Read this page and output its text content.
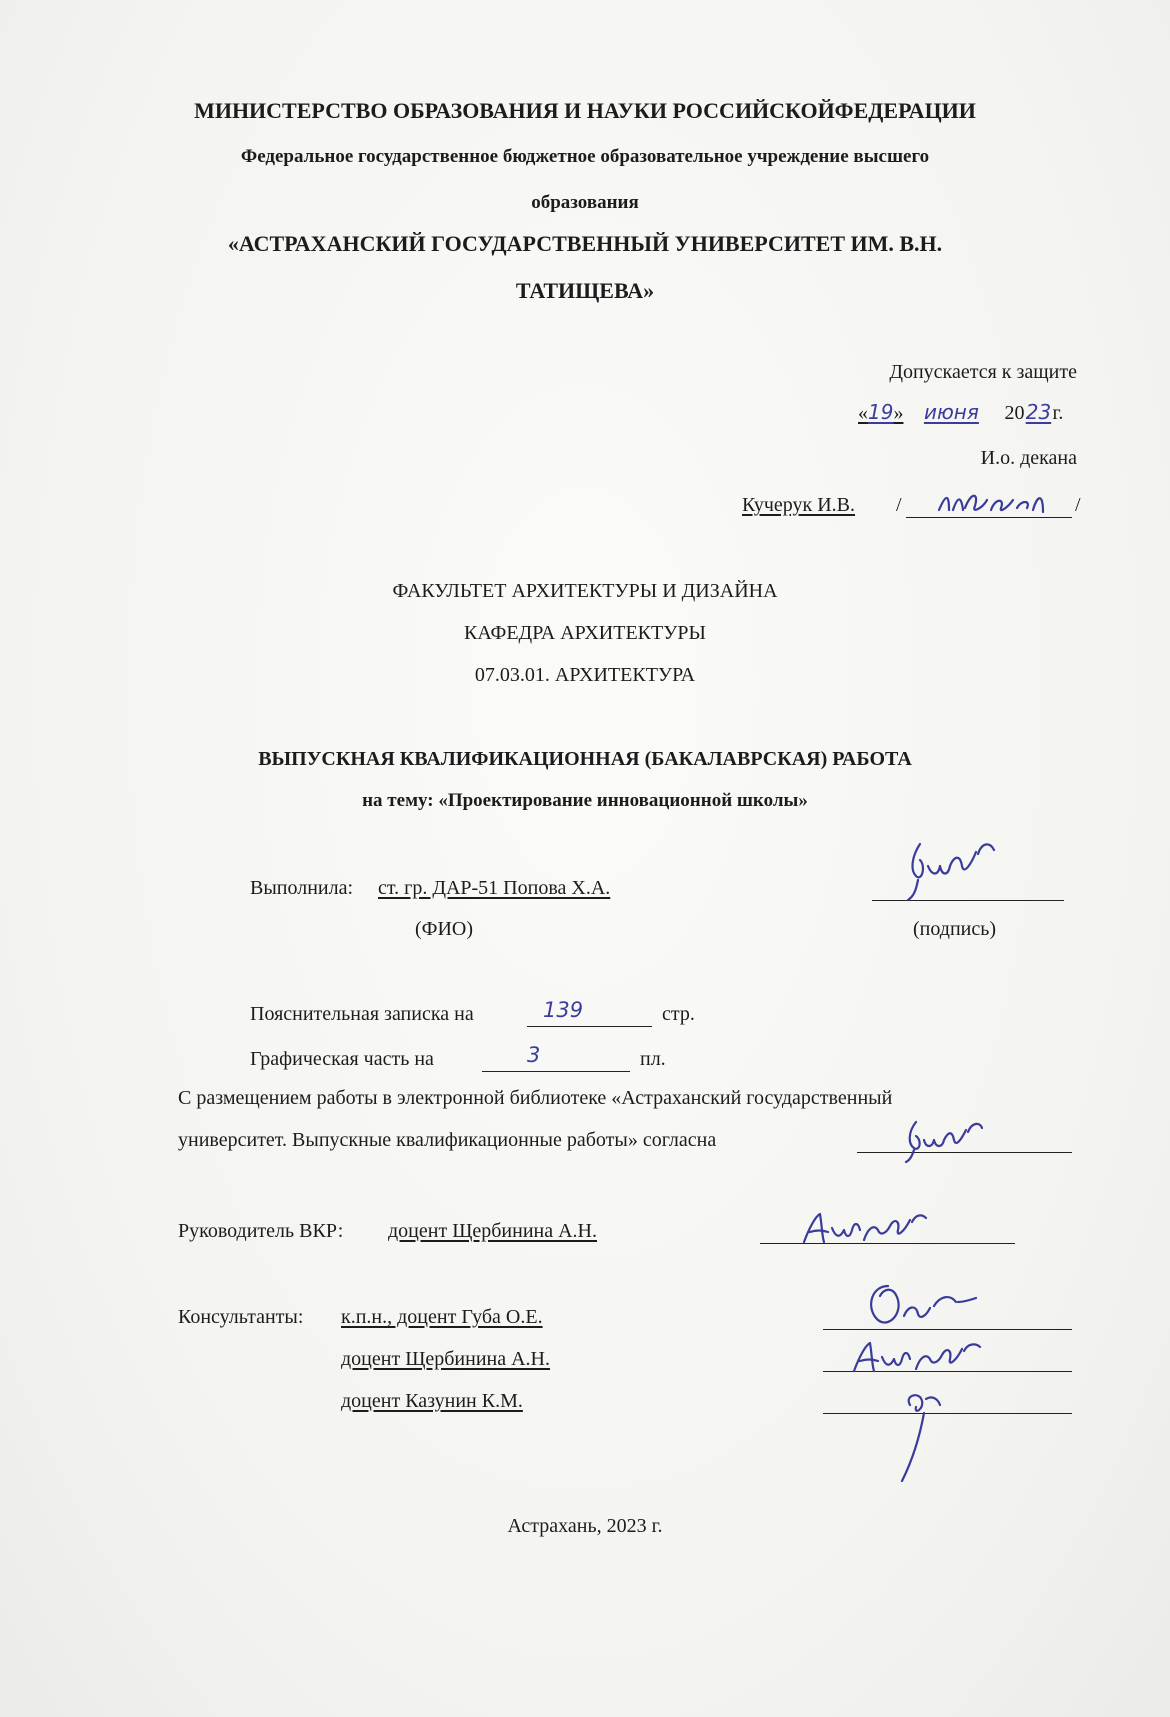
МИНИСТЕРСТВО ОБРАЗОВАНИЯ И НАУКИ РОССИЙСКОЙФЕДЕРАЦИИ
Федеральное государственное бюджетное образовательное учреждение высшего
образования
«АСТРАХАНСКИЙ ГОСУДАРСТВЕННЫЙ УНИВЕРСИТЕТ ИМ. В.Н.
ТАТИЩЕВА»
Допускается к защите
«19» июня 2023г.
И.о. декана
Кучерук И.В. /	/
ФАКУЛЬТЕТ АРХИТЕКТУРЫ И ДИЗАЙНА
КАФЕДРА АРХИТЕКТУРЫ
07.03.01. АРХИТЕКТУРА
ВЫПУСКНАЯ КВАЛИФИКАЦИОННАЯ (БАКАЛАВРСКАЯ) РАБОТА
на тему: «Проектирование инновационной школы»
Выполнила: ст. гр. ДАР-51 Попова Х.А.
(ФИО)	(подпись)
Пояснительная записка на	139	стр.
Графическая часть на	3	пл.
С размещением работы в электронной библиотеке «Астраханский государственный
университет. Выпускные квалификационные работы» согласна
Руководитель ВКР: доцент Щербинина А.Н.
Консультанты: к.п.н., доцент Губа О.Е.
доцент Щербинина А.Н.
доцент Казунин К.М.
Астрахань, 2023 г.
